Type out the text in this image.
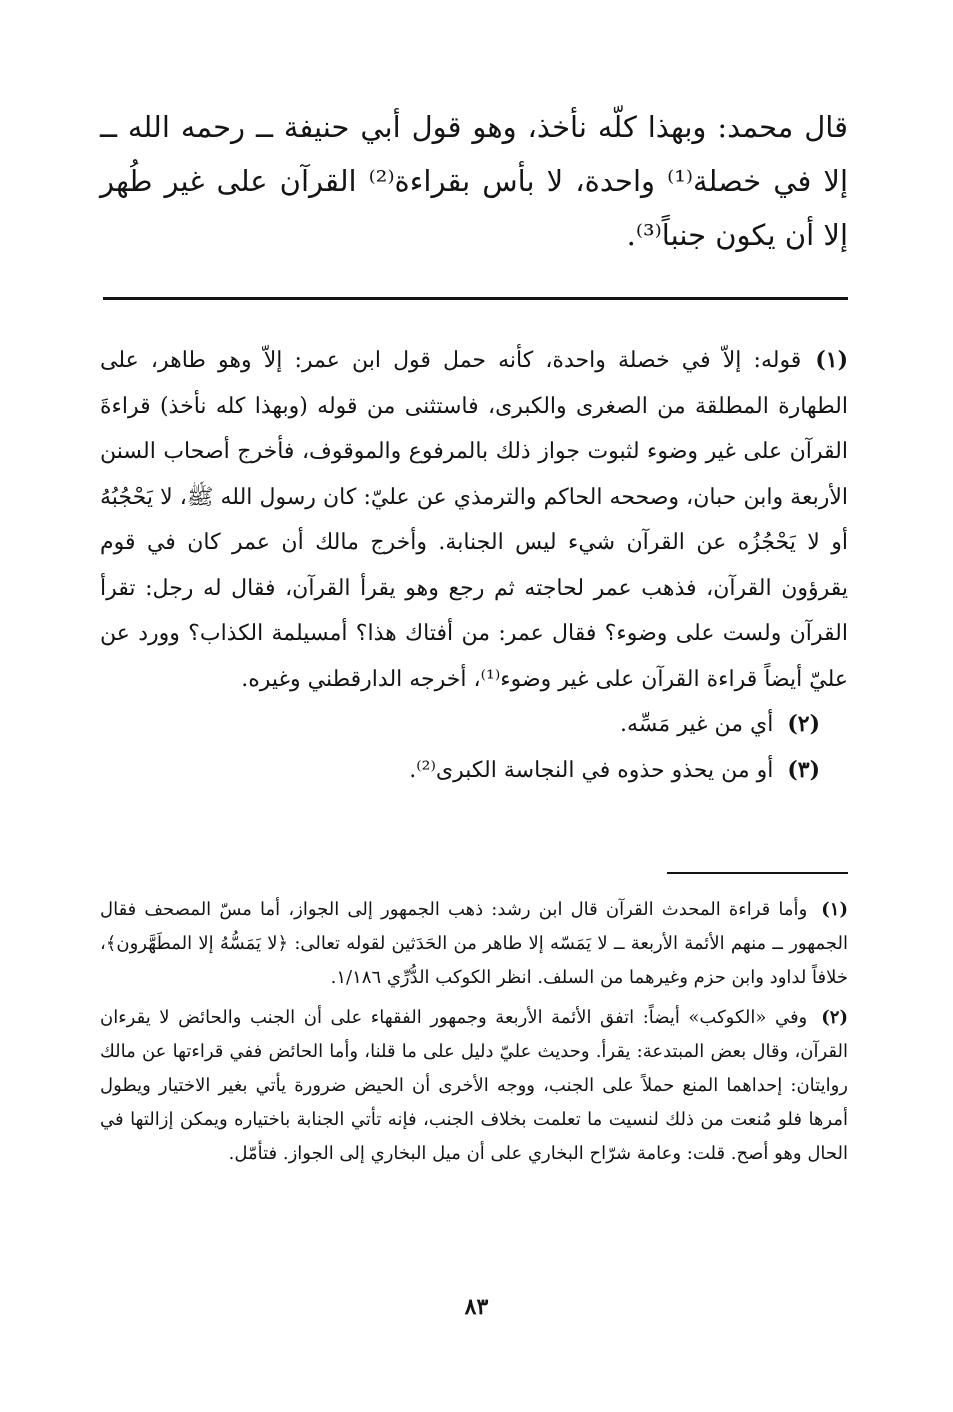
قال محمد: وبهذا كلّه نأخذ، وهو قول أبي حنيفة ــ رحمه الله ــ إلا في خصلة⁽¹⁾ واحدة، لا بأس بقراءة⁽²⁾ القرآن على غير طُهر إلا أن يكون جنباً⁽³⁾.

(١)قوله: إلاّ في خصلة واحدة، كأنه حمل قول ابن عمر: إلاّ وهو طاهر، على الطهارة المطلقة من الصغرى والكبرى، فاستثنى من قوله (وبهذا كله نأخذ) قراءةَ القرآن على غير وضوء لثبوت جواز ذلك بالمرفوع والموقوف، فأخرج أصحاب السنن الأربعة وابن حبان، وصححه الحاكم والترمذي عن عليّ: كان رسول الله ﷺ، لا يَحْجُبُهُ أو لا يَحْجُزُه عن القرآن شيء ليس الجنابة. وأخرج مالك أن عمر كان في قوم يقرؤون القرآن، فذهب عمر لحاجته ثم رجع وهو يقرأ القرآن، فقال له رجل: تقرأ القرآن ولست على وضوء؟ فقال عمر: من أفتاك هذا؟ أمسيلمة الكذاب؟ وورد عن عليّ أيضاً قراءة القرآن على غير وضوء⁽¹⁾، أخرجه الدارقطني وغيره.

(٢)أي من غير مَسِّه.

(٣)أو من يحذو حذوه في النجاسة الكبرى⁽²⁾.

(١)وأما قراءة المحدث القرآن قال ابن رشد: ذهب الجمهور إلى الجواز، أما مسّ المصحف فقال الجمهور ــ منهم الأئمة الأربعة ــ لا يَمَسّه إلا طاهر من الحَدَثين لقوله تعالى: ﴿لا يَمَسُّهُ إلا المطَهَّرون﴾، خلافاً لداود وابن حزم وغيرهما من السلف. انظر الكوكب الدُّرِّي ١/١٨٦.

(٢)وفي «الكوكب» أيضاً: اتفق الأئمة الأربعة وجمهور الفقهاء على أن الجنب والحائض لا يقرءان القرآن، وقال بعض المبتدعة: يقرأ. وحديث عليّ دليل على ما قلنا، وأما الحائض ففي قراءتها عن مالك روايتان: إحداهما المنع حملاً على الجنب، ووجه الأخرى أن الحيض ضرورة يأتي بغير الاختيار ويطول أمرها فلو مُنعت من ذلك لنسيت ما تعلمت بخلاف الجنب، فإنه تأتي الجنابة باختياره ويمكن إزالتها في الحال وهو أصح. قلت: وعامة شرّاح البخاري على أن ميل البخاري إلى الجواز. فتأمّل.

٨٣
